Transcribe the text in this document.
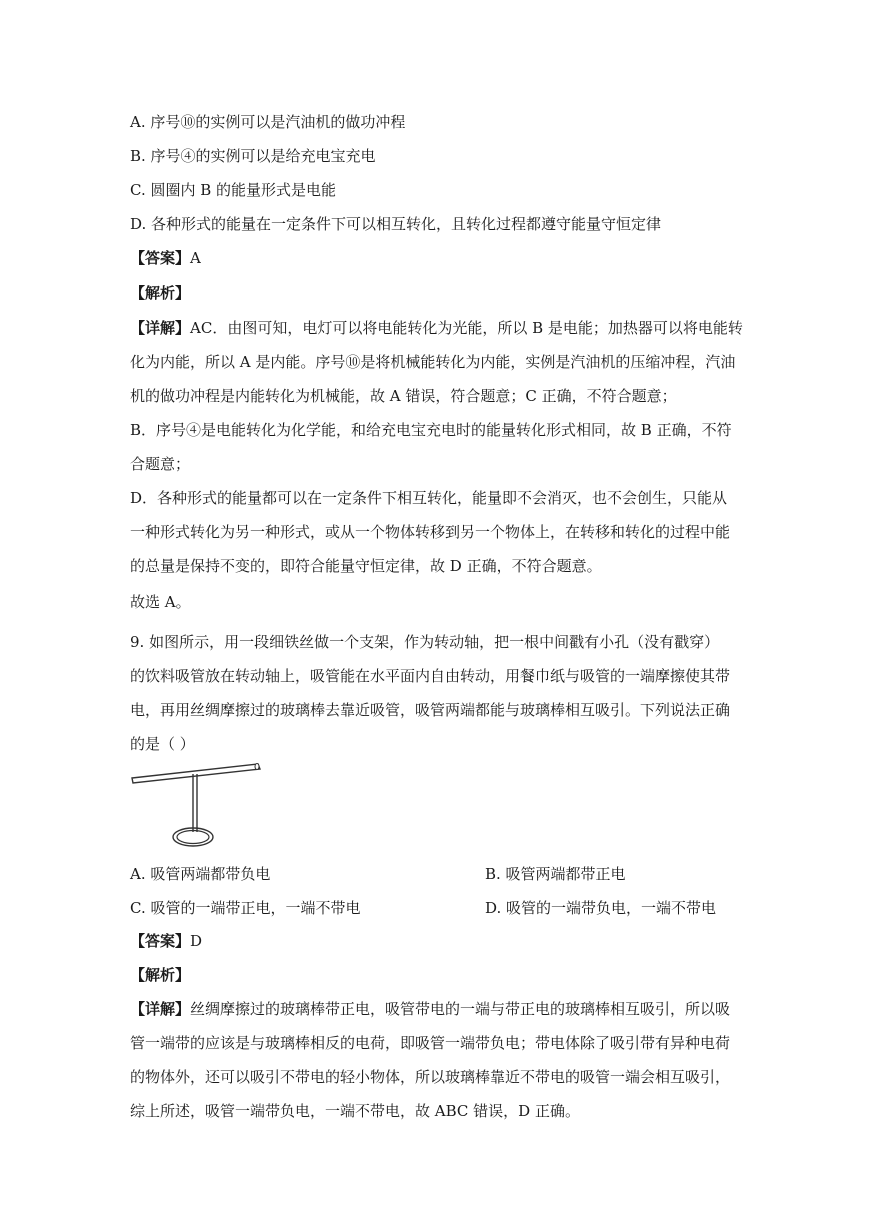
A. 序号⑩的实例可以是汽油机的做功冲程
B. 序号④的实例可以是给充电宝充电
C. 圆圈内 B 的能量形式是电能
D. 各种形式的能量在一定条件下可以相互转化，且转化过程都遵守能量守恒定律
【答案】A
【解析】
【详解】AC．由图可知，电灯可以将电能转化为光能，所以 B 是电能；加热器可以将电能转
化为内能，所以 A 是内能。序号⑩是将机械能转化为内能，实例是汽油机的压缩冲程，汽油
机的做功冲程是内能转化为机械能，故 A 错误，符合题意；C 正确，不符合题意；
B．序号④是电能转化为化学能，和给充电宝充电时的能量转化形式相同，故 B 正确，不符
合题意；
D．各种形式的能量都可以在一定条件下相互转化，能量即不会消灭，也不会创生，只能从
一种形式转化为另一种形式，或从一个物体转移到另一个物体上，在转移和转化的过程中能
的总量是保持不变的，即符合能量守恒定律，故 D 正确，不符合题意。
故选 A。
9. 如图所示，用一段细铁丝做一个支架，作为转动轴，把一根中间戳有小孔（没有戳穿）
的饮料吸管放在转动轴上，吸管能在水平面内自由转动，用餐巾纸与吸管的一端摩擦使其带
电，再用丝绸摩擦过的玻璃棒去靠近吸管，吸管两端都能与玻璃棒相互吸引。下列说法正确
的是（ ）
A. 吸管两端都带负电	B. 吸管两端都带正电
C. 吸管的一端带正电，一端不带电	D. 吸管的一端带负电，一端不带电
【答案】D
【解析】
【详解】丝绸摩擦过的玻璃棒带正电，吸管带电的一端与带正电的玻璃棒相互吸引，所以吸
管一端带的应该是与玻璃棒相反的电荷，即吸管一端带负电；带电体除了吸引带有异种电荷
的物体外，还可以吸引不带电的轻小物体，所以玻璃棒靠近不带电的吸管一端会相互吸引，
综上所述，吸管一端带负电，一端不带电，故 ABC 错误，D 正确。
